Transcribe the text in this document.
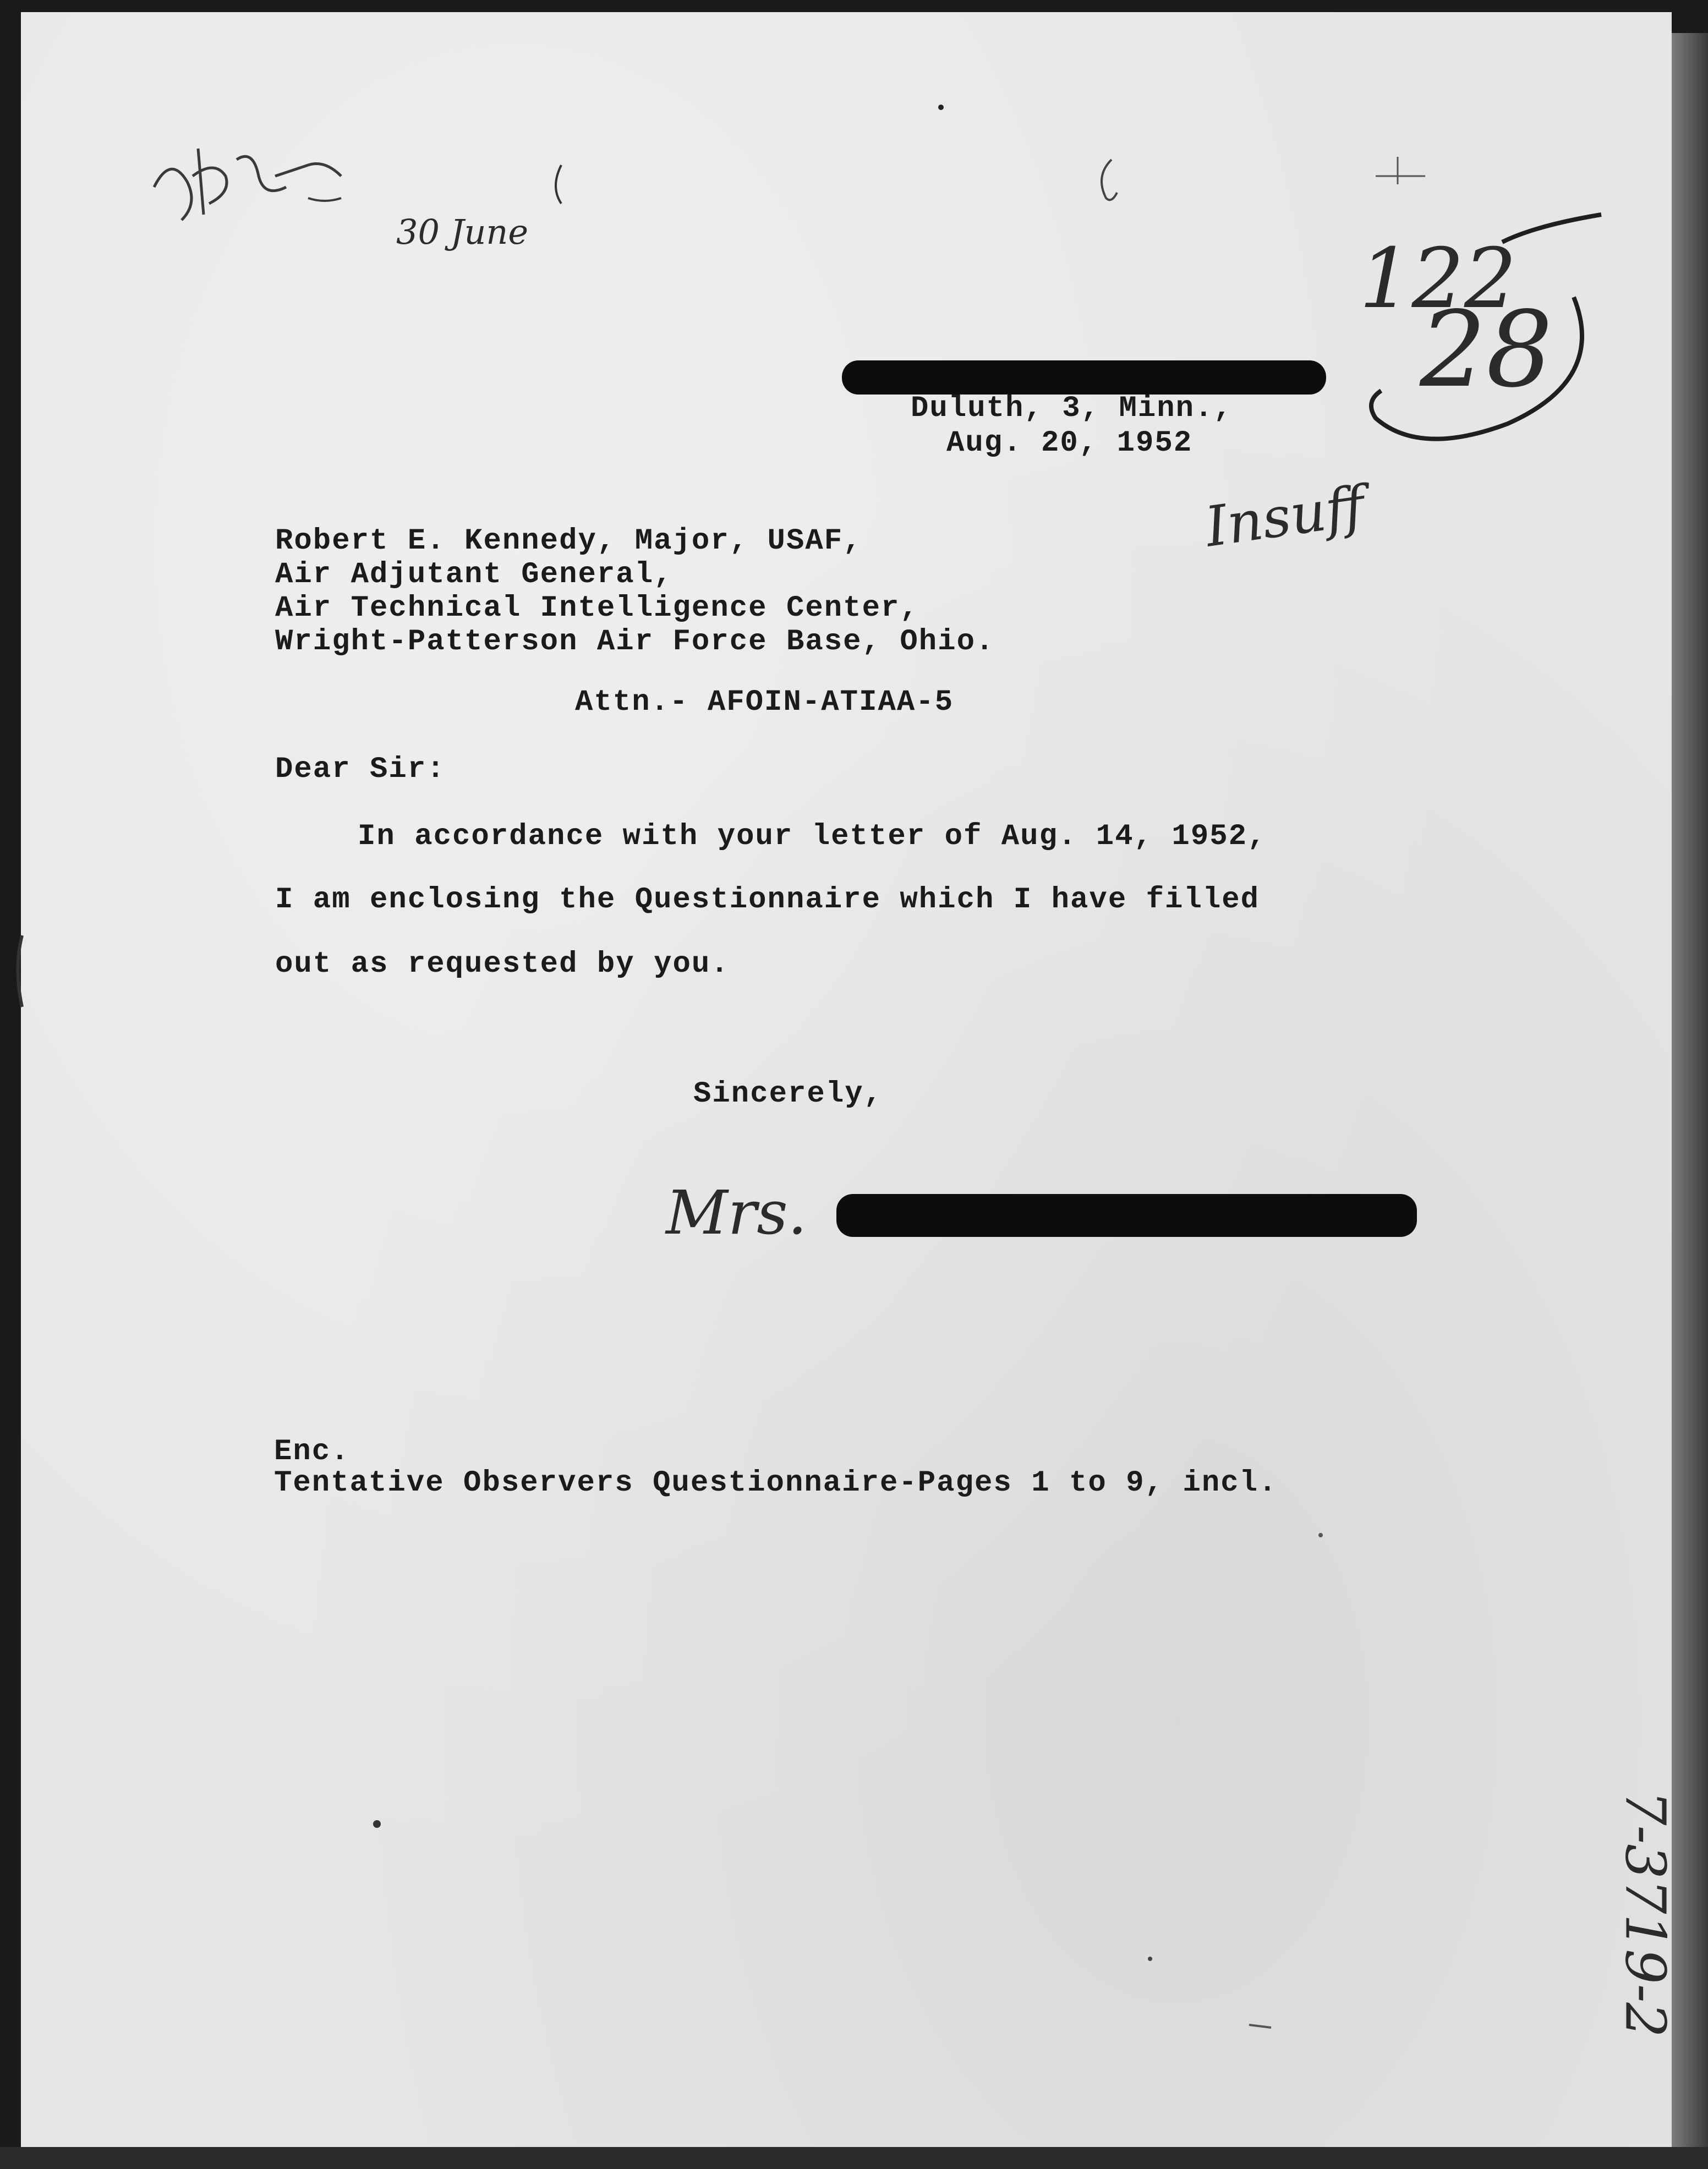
30 June	122
28
Duluth, 3, Minn.,
Aug. 20, 1952
Insuff
Robert E. Kennedy, Major, USAF,
Air Adjutant General,
Air Technical Intelligence Center,
Wright-Patterson Air Force Base, Ohio.
Attn.- AFOIN-ATIAA-5
Dear Sir:
In accordance with your letter of Aug. 14, 1952,
I am enclosing the Questionnaire which I have filled
out as requested by you.
Sincerely,
Mrs.
Enc.
Tentative Observers Questionnaire-Pages 1 to 9, incl.
7-3719-2
